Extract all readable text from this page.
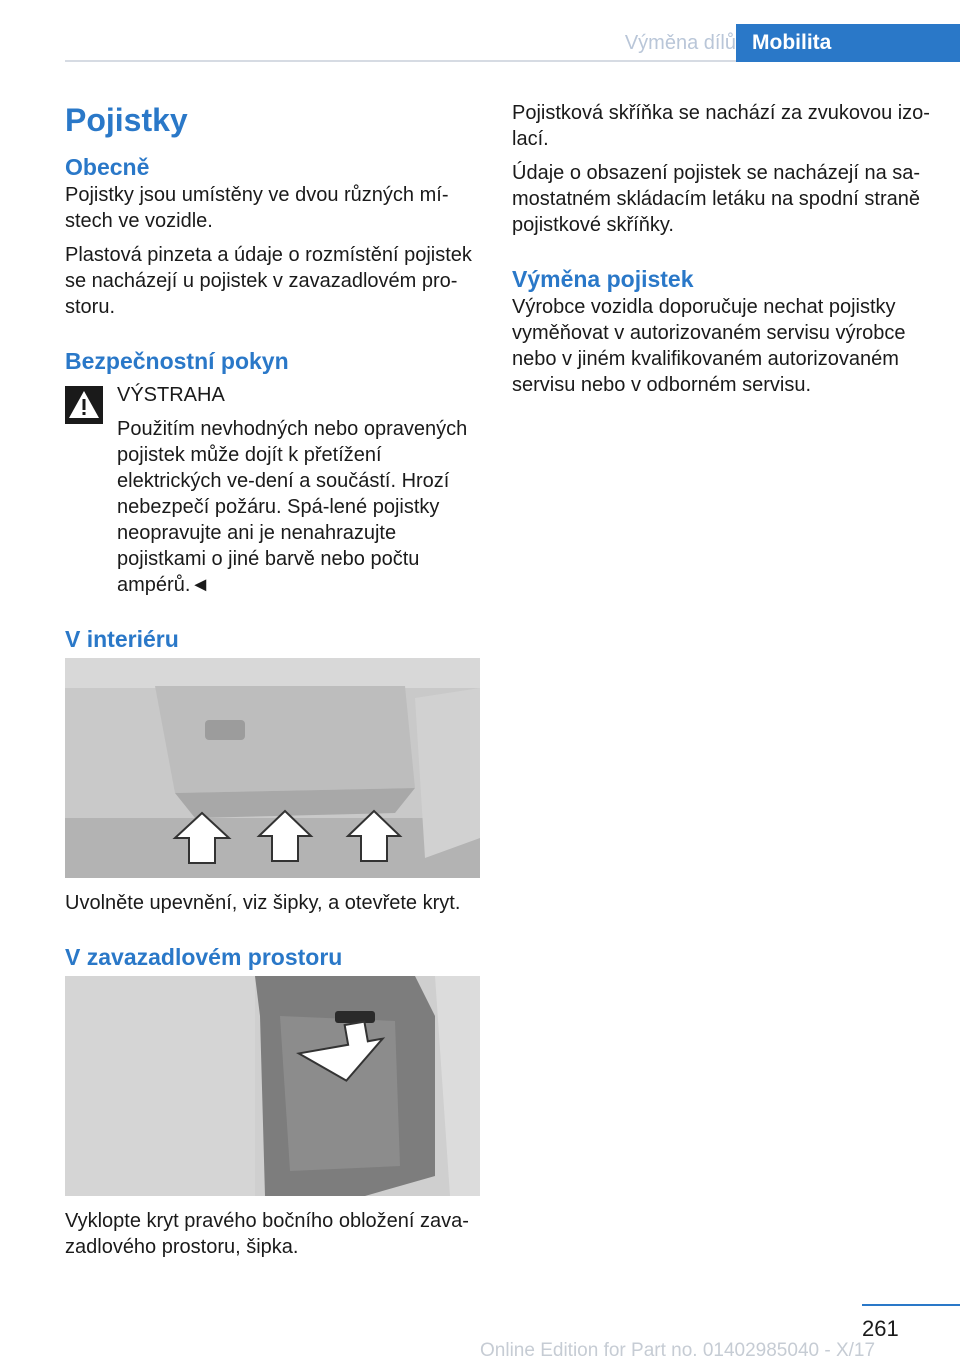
Výměna dílů Mobilita
Pojistky
Obecně

Pojistky jsou umístěny ve dvou různých mí-stech ve vozidle.

Plastová pinzeta a údaje o rozmístění pojistek se nacházejí u pojistek v zavazadlovém pro-storu.

Bezpečnostní pokyn

VÝSTRAHA

Použitím nevhodných nebo opravených pojistek může dojít k přetížení elektrických ve-dení a součástí. Hrozí nebezpečí požáru. Spá-lené pojistky neopravujte ani je nenahrazujte pojistkami o jiné barvě nebo počtu ampérů.◄

V interiéru

Uvolněte upevnění, viz šipky, a otevřete kryt.

V zavazadlovém prostoru

Vyklopte kryt pravého bočního obložení zava-zadlového prostoru, šipka.

Pojistková skříňka se nachází za zvukovou izo-lací.

Údaje o obsazení pojistek se nacházejí na sa-mostatném skládacím letáku na spodní straně pojistkové skříňky.

Výměna pojistek

Výrobce vozidla doporučuje nechat pojistky vyměňovat v autorizovaném servisu výrobce nebo v jiném kvalifikovaném autorizovaném servisu nebo v odborném servisu.

261
Online Edition for Part no. 01402985040 - X/17
